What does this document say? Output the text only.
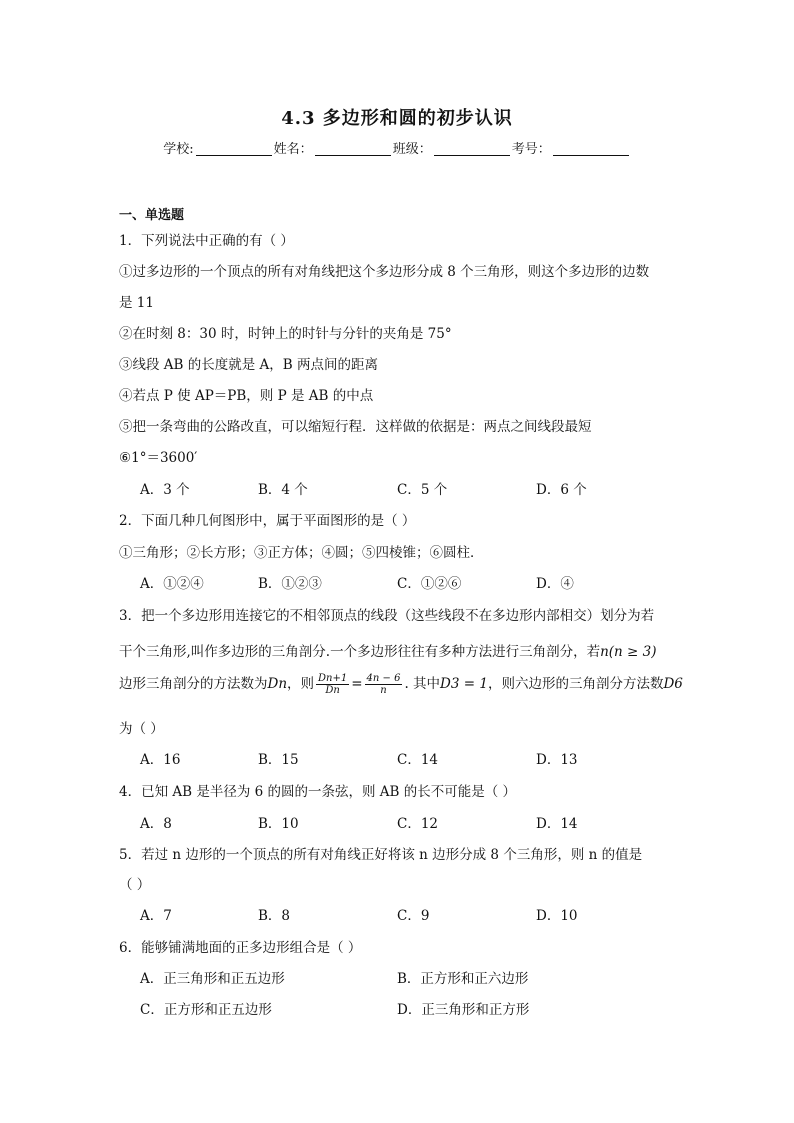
4.3 多边形和圆的初步认识
学校:	姓名：	班级：	考号：
一、单选题
1．下列说法中正确的有（ ）
①过多边形的一个顶点的所有对角线把这个多边形分成 8 个三角形，则这个多边形的边数
是 11
②在时刻 8：30 时，时钟上的时针与分针的夹角是 75°
③线段 AB 的长度就是 A，B 两点间的距离
④若点 P 使 AP＝PB，则 P 是 AB 的中点
⑤把一条弯曲的公路改直，可以缩短行程．这样做的依据是：两点之间线段最短
⑥1°＝3600′
A．3 个	B．4 个	C．5 个	D．6 个
2．下面几种几何图形中，属于平面图形的是（ ）
①三角形；②长方形；③正方体；④圆；⑤四棱锥；⑥圆柱．
A．①②④	B．①②③	C．①②⑥	D．④
3．把一个多边形用连接它的不相邻顶点的线段（这些线段不在多边形内部相交）划分为若
干个三角形,叫作多边形的三角剖分.一个多边形往往有多种方法进行三角剖分，若n(n ≥ 3)
边形三角剖分的方法数为Dn，则 $\frac{Dn+1}{Dn} = \frac{4n - 6}{n}$ . 其中D3 = 1，则六边形的三角剖分方法数D6
为（ ）
A．16	B．15	C．14	D．13
4．已知 AB 是半径为 6 的圆的一条弦，则 AB 的长不可能是（ ）
A．8	B．10	C．12	D．14
5．若过 n 边形的一个顶点的所有对角线正好将该 n 边形分成 8 个三角形，则 n 的值是
（ ）
A．7	B．8	C．9	D．10
6．能够铺满地面的正多边形组合是（ ）
A．正三角形和正五边形	B．正方形和正六边形
C．正方形和正五边形	D．正三角形和正方形
